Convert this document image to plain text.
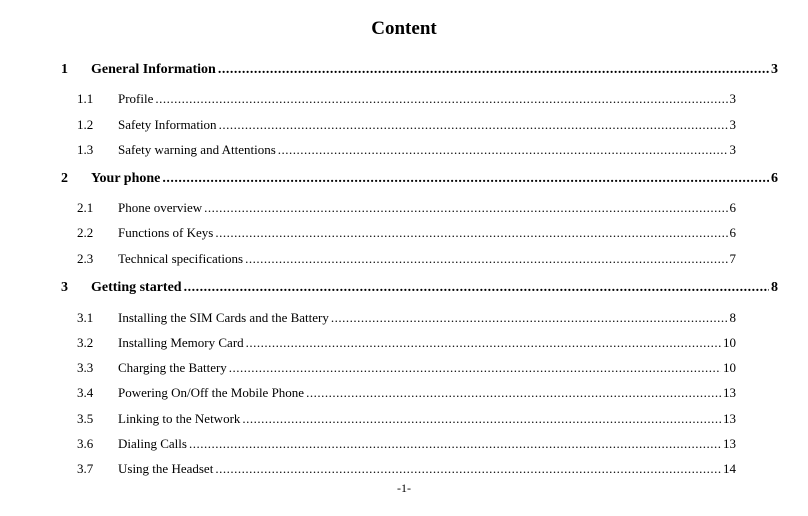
Content
1	General Information .....	3
1.1	Profile .....	3
1.2	Safety Information .....	3
1.3	Safety warning and Attentions .....	3
2	Your phone .....	6
2.1	Phone overview .....	6
2.2	Functions of Keys .....	6
2.3	Technical specifications .....	7
3	Getting started .....	8
3.1	Installing the SIM Cards and the Battery .....	8
3.2	Installing Memory Card .....	10
3.3	Charging the Battery .....	10
3.4	Powering On/Off the Mobile Phone .....	13
3.5	Linking to the Network .....	13
3.6	Dialing Calls .....	13
3.7	Using the Headset .....	14
-1-
